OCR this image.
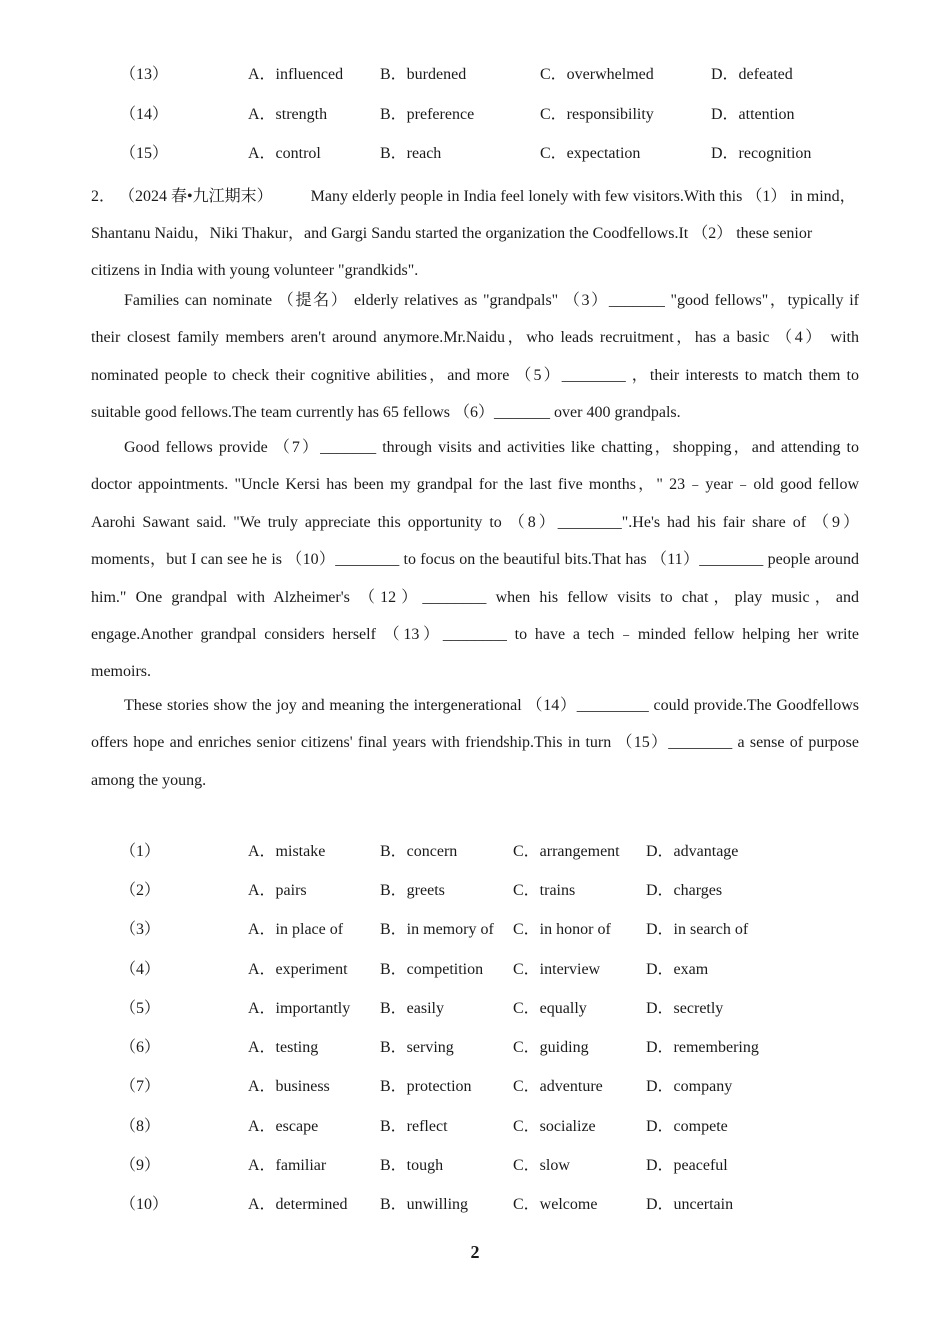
（13）	A．influenced B．burdened	C．overwhelmed	D．defeated
（14）	A．strength	B．preference	C．responsibility	D．attention
（15）	A．control	B．reach	C．expectation	D．recognition
2． （2024 春•九江期末） Many elderly people in India feel lonely with few visitors.With this （1） in mind，Shantanu Naidu，Niki Thakur，and Gargi Sandu started the organization the Coodfellows.It （2） these senior citizens in India with young volunteer "grandkids".
Families can nominate （提名） elderly relatives as "grandpals" （3）_______ "good fellows"，typically if their closest family members aren't around anymore.Mr.Naidu，who leads recruitment，has a basic （4） with nominated people to check their cognitive abilities，and more （5）________ ，their interests to match them to suitable good fellows.The team currently has 65 fellows （6）_______ over 400 grandpals.
Good fellows provide （7）_______ through visits and activities like chatting，shopping，and attending to doctor appointments. "Uncle Kersi has been my grandpal for the last five months，" 23﹣year﹣old good fellow Aarohi Sawant said. "We truly appreciate this opportunity to （8）________".He's had his fair share of （9） moments，but I can see he is （10）________ to focus on the beautiful bits.That has （11）________ people around him." One grandpal with Alzheimer's （12）________ when his fellow visits to chat，play music，and engage.Another grandpal considers herself （13）________ to have a tech﹣minded fellow helping her write memoirs.
These stories show the joy and meaning the intergenerational （14）_________ could provide.The Goodfellows offers hope and enriches senior citizens' final years with friendship.This in turn （15）________ a sense of purpose among the young.
（1）	A．mistake	B．concern	C．arrangement D．advantage
（2）	A．pairs	B．greets	C．trains	D．charges
（3）	A．in place of B．in memory of C．in honor of D．in search of
（4）	A．experiment B．competition C．interview	D．exam
（5）	A．importantly B．easily	C．equally	D．secretly
（6）	A．testing	B．serving	C．guiding	D．remembering
（7）	A．business	B．protection	C．adventure	D．company
（8）	A．escape	B．reflect	C．socialize	D．compete
（9）	A．familiar	B．tough	C．slow	D．peaceful
（10）	A．determined B．unwilling	C．welcome	D．uncertain
2
